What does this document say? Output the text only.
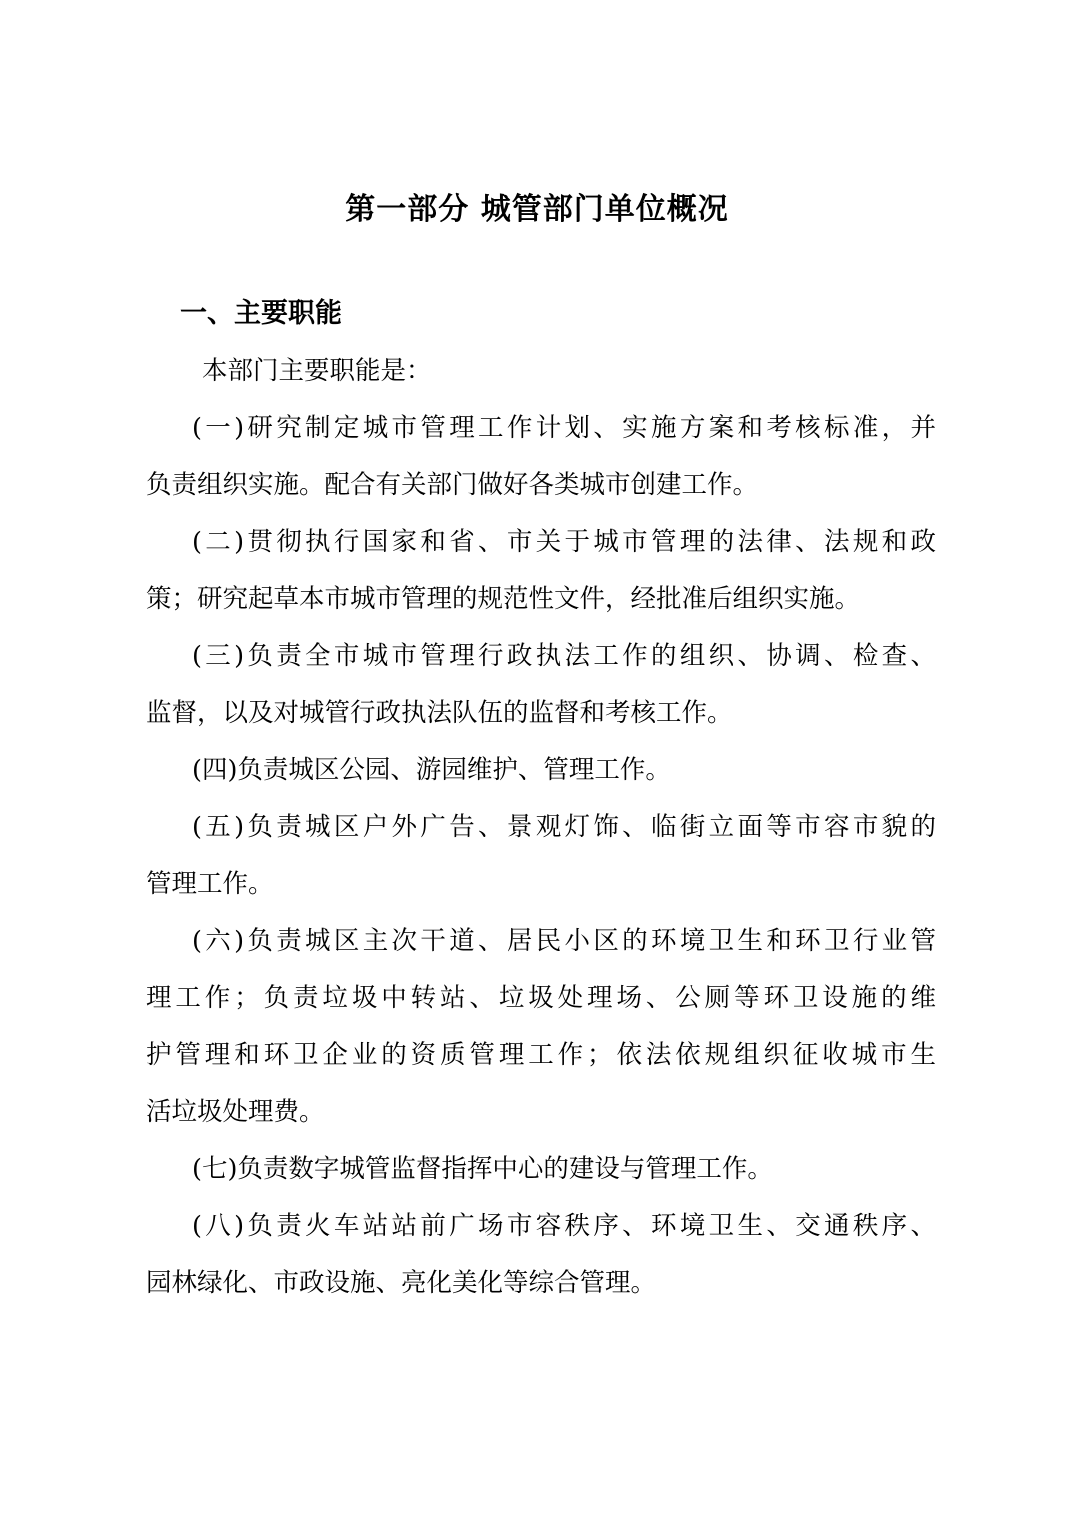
第一部分 城管部门单位概况
一、主要职能

本部门主要职能是：

(一)研究制定城市管理工作计划、实施方案和考核标准，并
负责组织实施。配合有关部门做好各类城市创建工作。
(二)贯彻执行国家和省、市关于城市管理的法律、法规和政
策；研究起草本市城市管理的规范性文件，经批准后组织实施。
(三)负责全市城市管理行政执法工作的组织、协调、检查、
监督，以及对城管行政执法队伍的监督和考核工作。
(四)负责城区公园、游园维护、管理工作。
(五)负责城区户外广告、景观灯饰、临街立面等市容市貌的
管理工作。
(六)负责城区主次干道、居民小区的环境卫生和环卫行业管
理工作；负责垃圾中转站、垃圾处理场、公厕等环卫设施的维
护管理和环卫企业的资质管理工作；依法依规组织征收城市生
活垃圾处理费。
(七)负责数字城管监督指挥中心的建设与管理工作。
(八)负责火车站站前广场市容秩序、环境卫生、交通秩序、
园林绿化、市政设施、亮化美化等综合管理。
